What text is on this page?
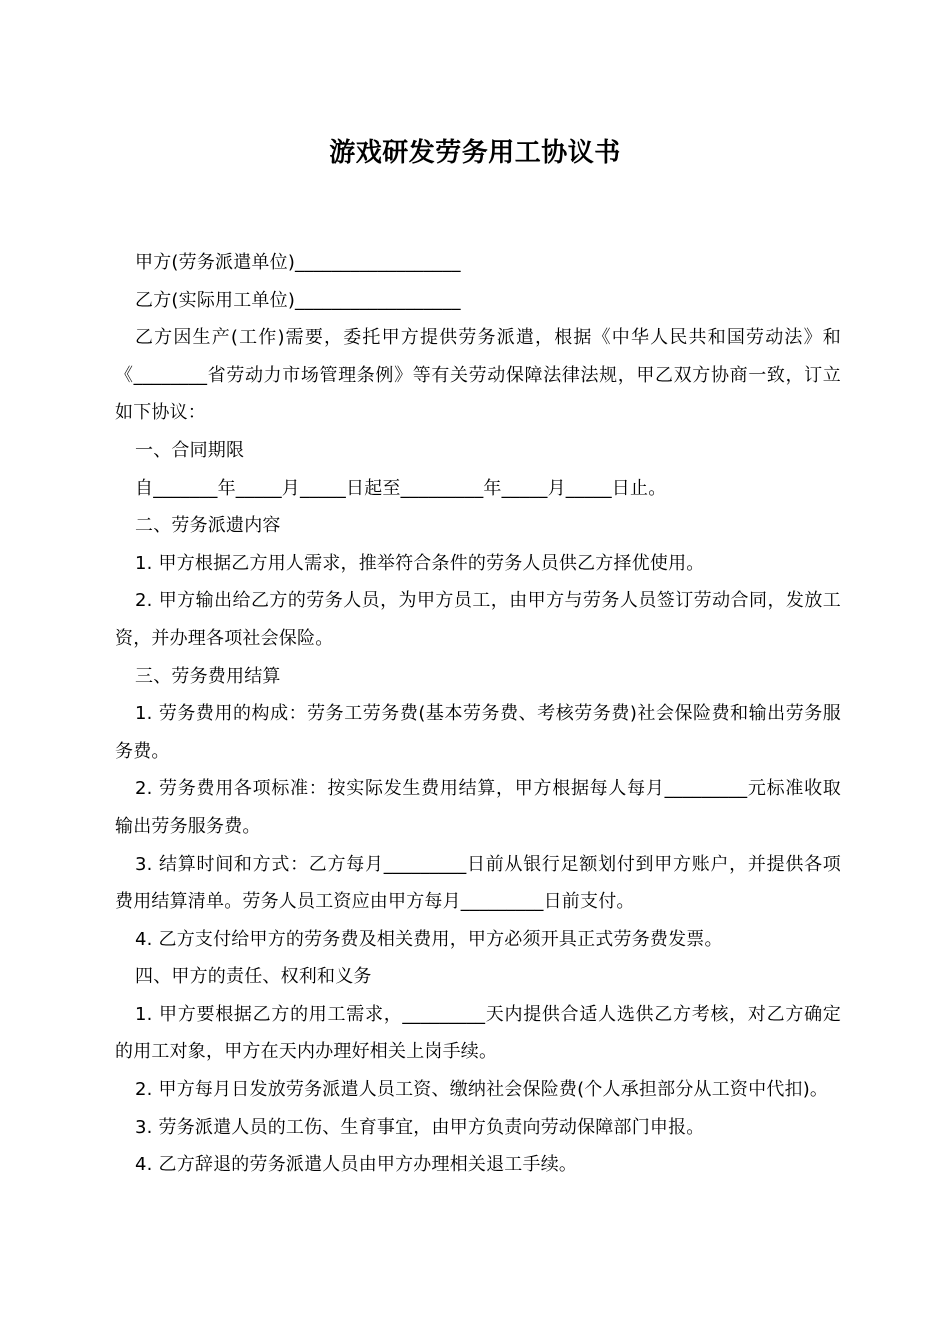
游戏研发劳务用工协议书

甲方(劳务派遣单位)__________________

乙方(实际用工单位)__________________

乙方因生产(工作)需要，委托甲方提供劳务派遣，根据《中华人民共和国劳动法》和《________省劳动力市场管理条例》等有关劳动保障法律法规，甲乙双方协商一致，订立如下协议：

一、合同期限

自_______年_____月_____日起至_________年_____月_____日止。

二、劳务派遗内容

1. 甲方根据乙方用人需求，推举符合条件的劳务人员供乙方择优使用。

2. 甲方输出给乙方的劳务人员，为甲方员工，由甲方与劳务人员签订劳动合同，发放工资，并办理各项社会保险。

三、劳务费用结算

1. 劳务费用的构成：劳务工劳务费(基本劳务费、考核劳务费)社会保险费和输出劳务服务费。

2. 劳务费用各项标准：按实际发生费用结算，甲方根据每人每月_________元标准收取输出劳务服务费。

3. 结算时间和方式：乙方每月_________日前从银行足额划付到甲方账户，并提供各项费用结算清单。劳务人员工资应由甲方每月_________日前支付。

4. 乙方支付给甲方的劳务费及相关费用，甲方必须开具正式劳务费发票。

四、甲方的责任、权利和义务

1. 甲方要根据乙方的用工需求，_________天内提供合适人选供乙方考核，对乙方确定的用工对象，甲方在天内办理好相关上岗手续。

2. 甲方每月日发放劳务派遣人员工资、缴纳社会保险费(个人承担部分从工资中代扣)。

3. 劳务派遣人员的工伤、生育事宜，由甲方负责向劳动保障部门申报。

4. 乙方辞退的劳务派遣人员由甲方办理相关退工手续。
